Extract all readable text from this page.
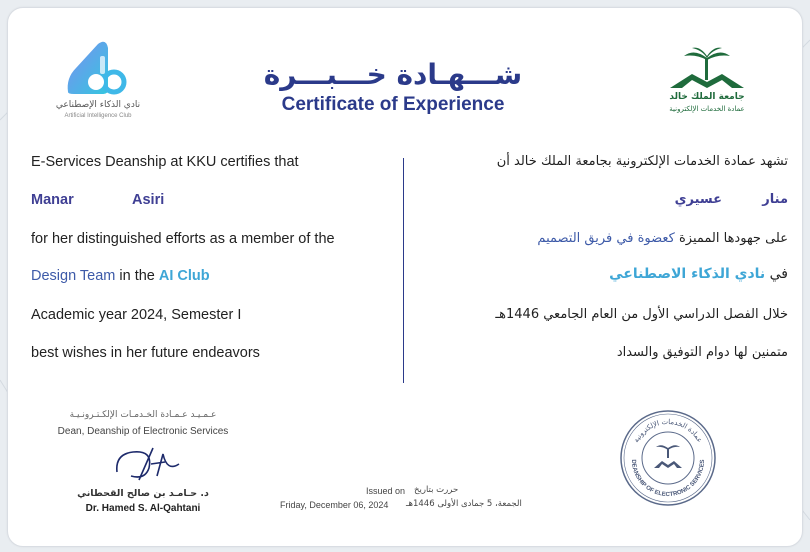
نادي الذكاء الإصطناعي
Artificial Intelligence Club
شـــهـادة خـــبـــرة
Certificate of Experience	جامعة الملك خالد
عمادة الخدمات الإلكترونية
E-Services Deanship at KKU certifies that
Manar	Asiri
for her distinguished efforts as a member of the
Design Team in the AI Club
Academic year 2024, Semester I
best wishes in her future endeavors
تشهد عمادة الخدمات الإلكترونية بجامعة الملك خالد أن
منار
عسيري
على جهودها المميزة كعضوة في فريق التصميم
في نادي الذكاء الاصطناعي
خلال الفصل الدراسي الأول من العام الجامعي 1446هـ
متمنين لها دوام التوفيق والسداد
عـمـيـد عـمـادة الخـدمـات الإلكـتـرونـيـة
Dean, Deanship of Electronic Services
د. حـامـد بن صالح القحطاني
Dr. Hamed S. Al-Qahtani
Issued on حررت بتاريخ
Friday, December 06, 2024 الجمعة، 5 جمادى الأولى 1446هـ
عمادة الخدمات الإلكترونية
DEANSHIP OF ELECTRONIC SERVICES
